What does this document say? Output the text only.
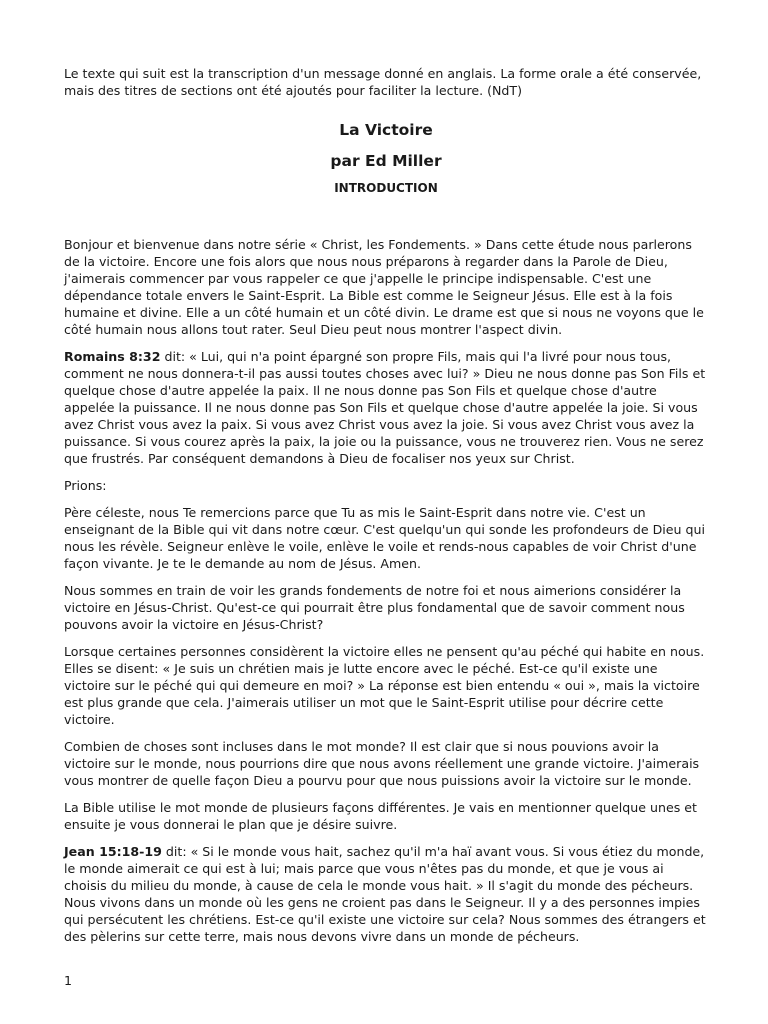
Le texte qui suit est la transcription d'un message donné en anglais. La forme orale a été conservée, mais des titres de sections ont été ajoutés pour faciliter la lecture. (NdT)

La Victoire
par Ed Miller
INTRODUCTION

Bonjour et bienvenue dans notre série « Christ, les Fondements. » Dans cette étude nous parlerons de la victoire. Encore une fois alors que nous nous préparons à regarder dans la Parole de Dieu, j'aimerais commencer par vous rappeler ce que j'appelle le principe indispensable. C'est une dépendance totale envers le Saint-Esprit. La Bible est comme le Seigneur Jésus. Elle est à la fois humaine et divine. Elle a un côté humain et un côté divin. Le drame est que si nous ne voyons que le côté humain nous allons tout rater. Seul Dieu peut nous montrer l'aspect divin.

Romains 8:32 dit: « Lui, qui n'a point épargné son propre Fils, mais qui l'a livré pour nous tous, comment ne nous donnera-t-il pas aussi toutes choses avec lui? » Dieu ne nous donne pas Son Fils et quelque chose d'autre appelée la paix. Il ne nous donne pas Son Fils et quelque chose d'autre appelée la puissance. Il ne nous donne pas Son Fils et quelque chose d'autre appelée la joie. Si vous avez Christ vous avez la paix. Si vous avez Christ vous avez la joie. Si vous avez Christ vous avez la puissance. Si vous courez après la paix, la joie ou la puissance, vous ne trouverez rien. Vous ne serez que frustrés. Par conséquent demandons à Dieu de focaliser nos yeux sur Christ.

Prions:

Père céleste, nous Te remercions parce que Tu as mis le Saint-Esprit dans notre vie. C'est un enseignant de la Bible qui vit dans notre cœur. C'est quelqu'un qui sonde les profondeurs de Dieu qui nous les révèle. Seigneur enlève le voile, enlève le voile et rends-nous capables de voir Christ d'une façon vivante. Je te le demande au nom de Jésus. Amen.

Nous sommes en train de voir les grands fondements de notre foi et nous aimerions considérer la victoire en Jésus-Christ. Qu'est-ce qui pourrait être plus fondamental que de savoir comment nous pouvons avoir la victoire en Jésus-Christ?

Lorsque certaines personnes considèrent la victoire elles ne pensent qu'au péché qui habite en nous. Elles se disent: « Je suis un chrétien mais je lutte encore avec le péché. Est-ce qu'il existe une victoire sur le péché qui qui demeure en moi? » La réponse est bien entendu « oui », mais la victoire est plus grande que cela. J'aimerais utiliser un mot que le Saint-Esprit utilise pour décrire cette victoire.

Combien de choses sont incluses dans le mot monde? Il est clair que si nous pouvions avoir la victoire sur le monde, nous pourrions dire que nous avons réellement une grande victoire. J'aimerais vous montrer de quelle façon Dieu a pourvu pour que nous puissions avoir la victoire sur le monde.

La Bible utilise le mot monde de plusieurs façons différentes. Je vais en mentionner quelque unes et ensuite je vous donnerai le plan que je désire suivre.

Jean 15:18-19 dit: « Si le monde vous hait, sachez qu'il m'a haï avant vous. Si vous étiez du monde, le monde aimerait ce qui est à lui; mais parce que vous n'êtes pas du monde, et que je vous ai choisis du milieu du monde, à cause de cela le monde vous hait. » Il s'agit du monde des pécheurs. Nous vivons dans un monde où les gens ne croient pas dans le Seigneur. Il y a des personnes impies qui persécutent les chrétiens. Est-ce qu'il existe une victoire sur cela? Nous sommes des étrangers et des pèlerins sur cette terre, mais nous devons vivre dans un monde de pécheurs.

1
